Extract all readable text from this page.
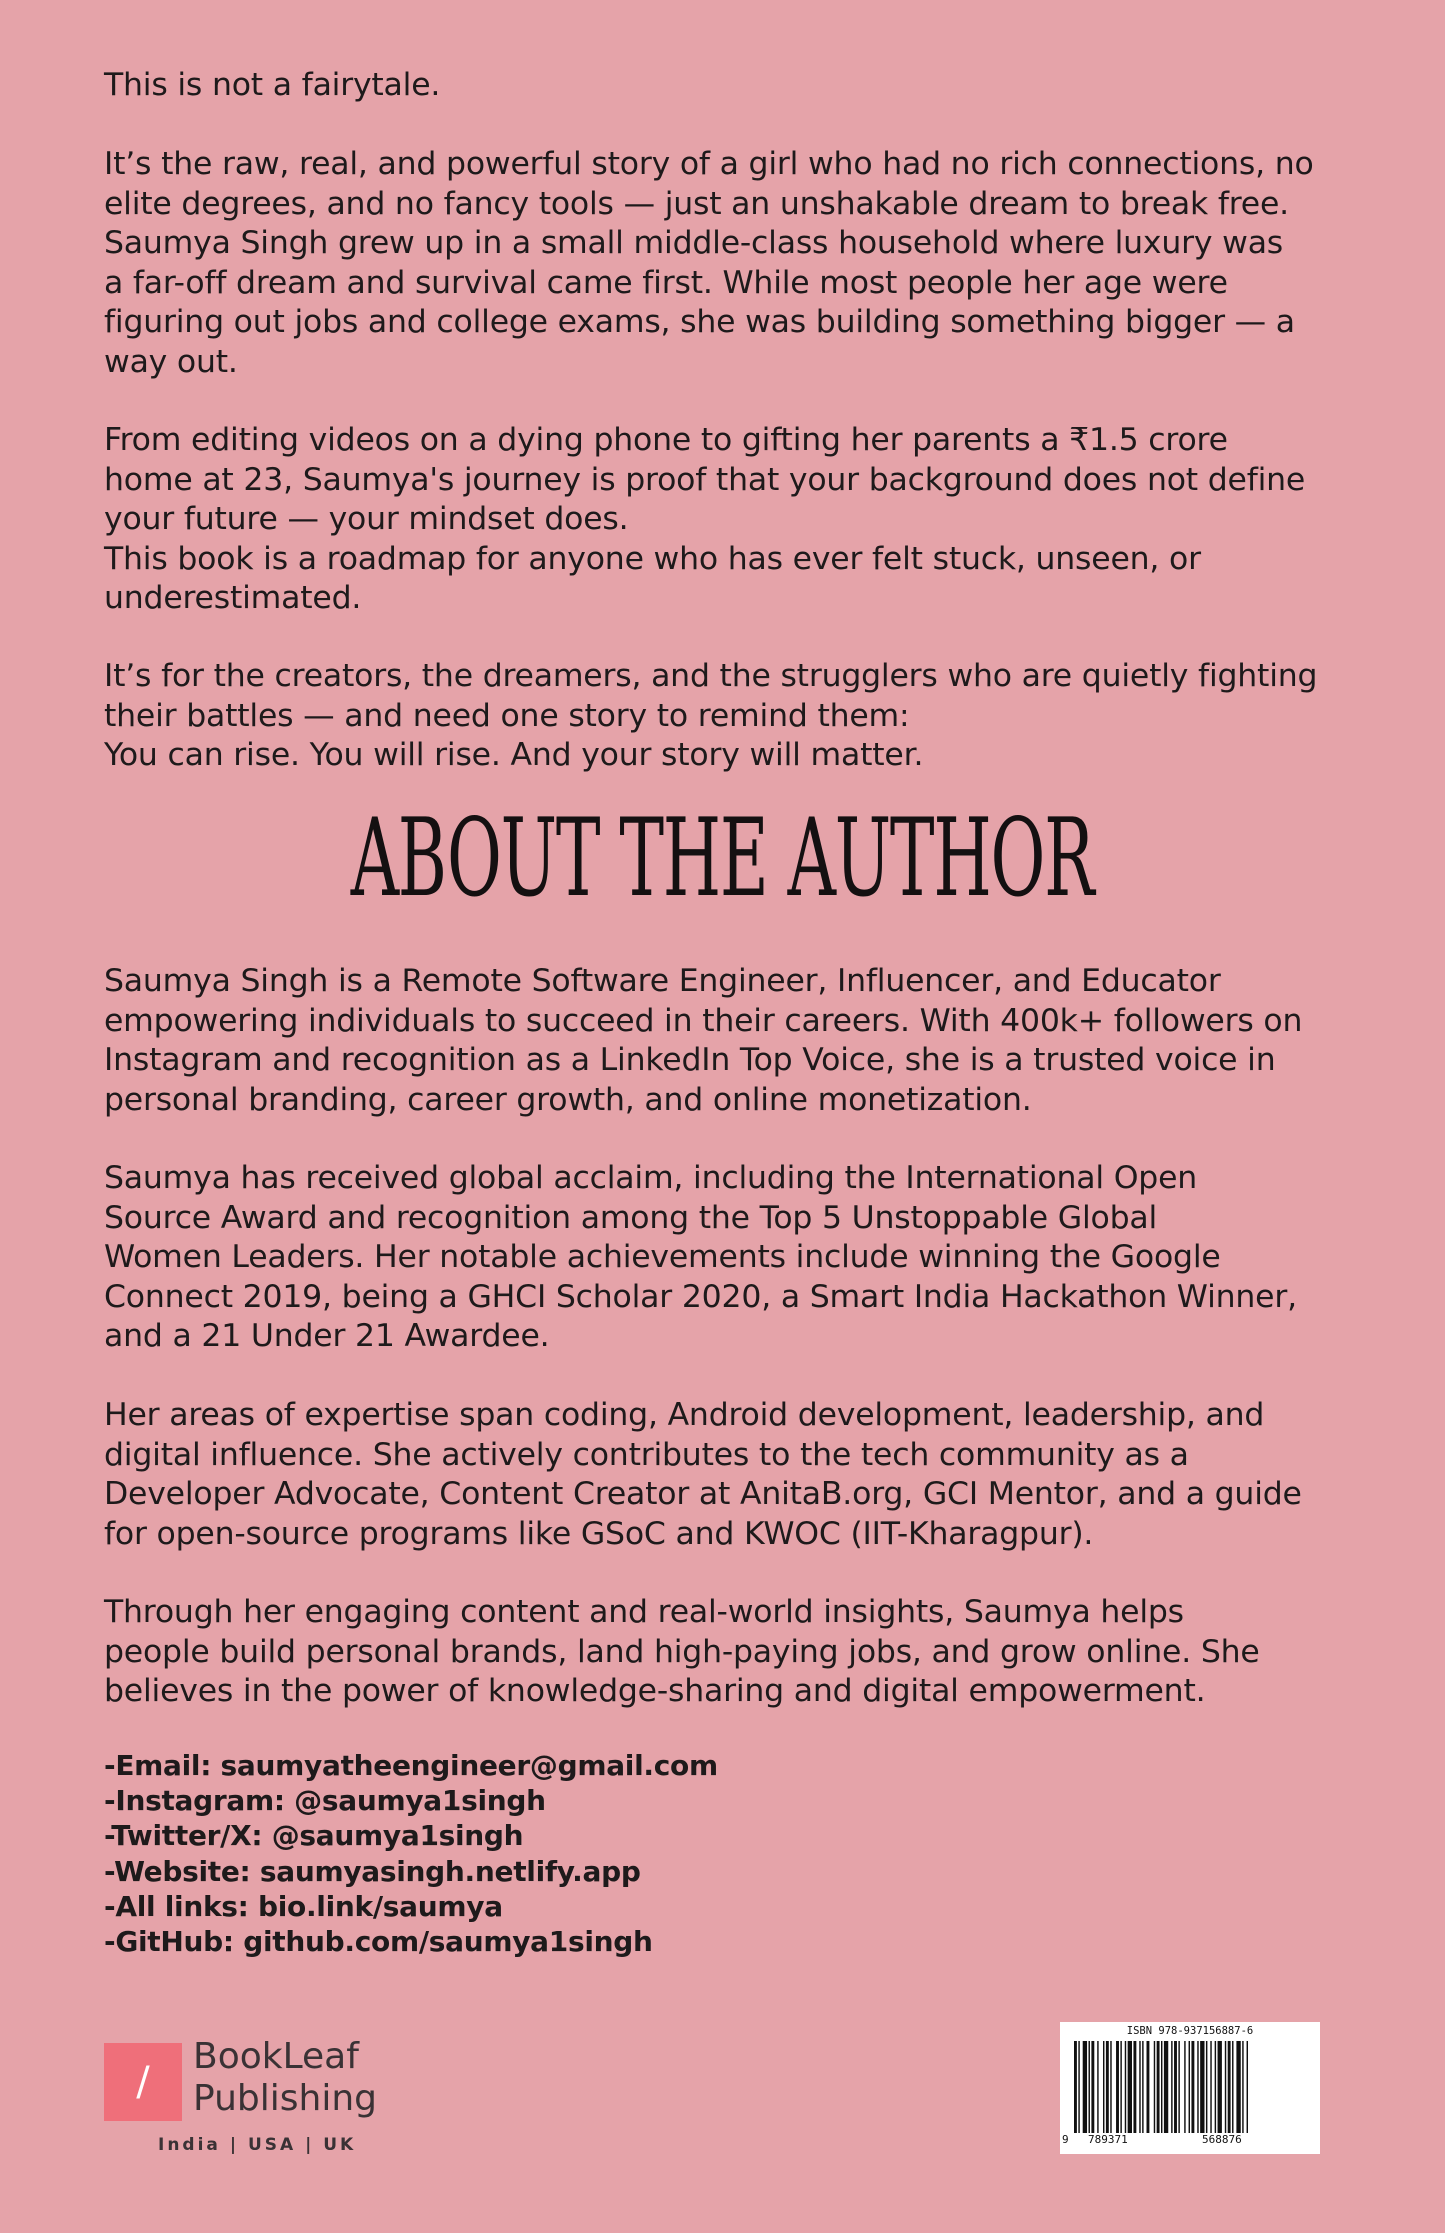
This is not a fairytale.

It’s the raw, real, and powerful story of a girl who had no rich connections, no
elite degrees, and no fancy tools — just an unshakable dream to break free.
Saumya Singh grew up in a small middle-class household where luxury was
a far-off dream and survival came first. While most people her age were
figuring out jobs and college exams, she was building something bigger — a
way out.

From editing videos on a dying phone to gifting her parents a ₹1.5 crore
home at 23, Saumya's journey is proof that your background does not define
your future — your mindset does.
This book is a roadmap for anyone who has ever felt stuck, unseen, or
underestimated.

It’s for the creators, the dreamers, and the strugglers who are quietly fighting
their battles — and need one story to remind them:
You can rise. You will rise. And your story will matter.

ABOUT THE AUTHOR

Saumya Singh is a Remote Software Engineer, Influencer, and Educator
empowering individuals to succeed in their careers. With 400k+ followers on
Instagram and recognition as a LinkedIn Top Voice, she is a trusted voice in
personal branding, career growth, and online monetization.

Saumya has received global acclaim, including the International Open
Source Award and recognition among the Top 5 Unstoppable Global
Women Leaders. Her notable achievements include winning the Google
Connect 2019, being a GHCI Scholar 2020, a Smart India Hackathon Winner,
and a 21 Under 21 Awardee.

Her areas of expertise span coding, Android development, leadership, and
digital influence. She actively contributes to the tech community as a
Developer Advocate, Content Creator at AnitaB.org, GCI Mentor, and a guide
for open-source programs like GSoC and KWOC (IIT-Kharagpur).

Through her engaging content and real-world insights, Saumya helps
people build personal brands, land high-paying jobs, and grow online. She
believes in the power of knowledge-sharing and digital empowerment.

-Email: saumyatheengineer@gmail.com
-Instagram: @saumya1singh
-Twitter/X: @saumya1singh
-Website: saumyasingh.netlify.app
-All links: bio.link/saumya
-GitHub: github.com/saumya1singh
/
BookLeaf
Publishing
India | USA | UK
ISBN 978-937156887-6
9 789371	568876
